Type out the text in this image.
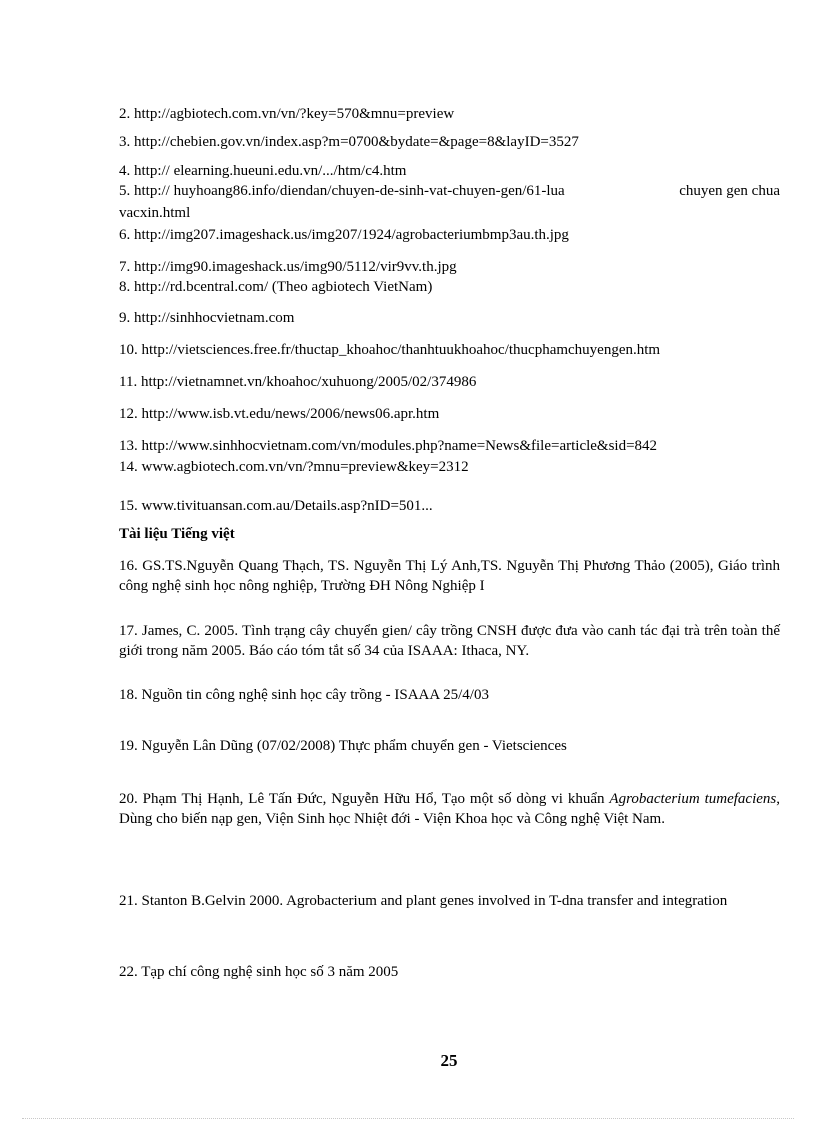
2. http://agbiotech.com.vn/vn/?key=570&mnu=preview
3. http://chebien.gov.vn/index.asp?m=0700&bydate=&page=8&layID=3527
4. http:// elearning.hueuni.edu.vn/.../htm/c4.htm
5. http:// huyhoang86.info/diendan/chuyen-de-sinh-vat-chuyen-gen/61-lua	chuyen gen chua
vacxin.html
6. http://img207.imageshack.us/img207/1924/agrobacteriumbmp3au.th.jpg
7. http://img90.imageshack.us/img90/5112/vir9vv.th.jpg
8. http://rd.bcentral.com/ (Theo agbiotech VietNam)
9. http://sinhhocvietnam.com
10. http://vietsciences.free.fr/thuctap_khoahoc/thanhtuukhoahoc/thucphamchuyengen.htm
11. http://vietnamnet.vn/khoahoc/xuhuong/2005/02/374986
12. http://www.isb.vt.edu/news/2006/news06.apr.htm
13. http://www.sinhhocvietnam.com/vn/modules.php?name=News&file=article&sid=842
14. www.agbiotech.com.vn/vn/?mnu=preview&key=2312
15. www.tivituansan.com.au/Details.asp?nID=501...
Tài liệu Tiếng việt
16. GS.TS.Nguyễn Quang Thạch, TS. Nguyễn Thị Lý Anh,TS. Nguyễn Thị Phương Thảo (2005), Giáo trình công nghệ sinh học nông nghiệp, Trường ĐH Nông Nghiệp I
17. James, C. 2005. Tình trạng cây chuyển gien/ cây trồng CNSH được đưa vào canh tác đại trà trên toàn thế giới trong năm 2005. Báo cáo tóm tắt số 34 của ISAAA: Ithaca, NY.
18. Nguồn tin công nghệ sinh học cây trồng - ISAAA 25/4/03
19. Nguyễn Lân Dũng (07/02/2008) Thực phẩm chuyển gen - Vietsciences
20. Phạm Thị Hạnh, Lê Tấn Đức, Nguyễn Hữu Hổ, Tạo một số dòng vi khuẩn Agrobacterium tumefaciens, Dùng cho biến nạp gen, Viện Sinh học Nhiệt đới - Viện Khoa học và Công nghệ Việt Nam.
21. Stanton B.Gelvin 2000. Agrobacterium and plant genes involved in T-dna transfer and integration
22. Tạp chí công nghệ sinh học số 3 năm 2005
25
